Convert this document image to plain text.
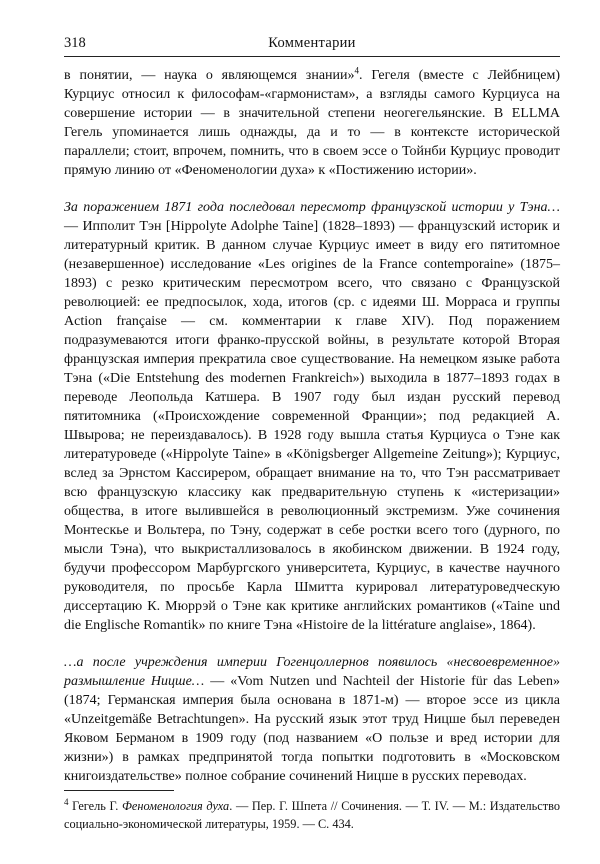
318	Комментарии

в понятии, — наука о являющемся знании»$^4$. Гегеля (вместе с Лейбницем) Курциус относил к философам-«гармонистам», а взгляды самого Курциуса на совершение истории — в значительной степени неогегельянские. В ELLMA Гегель упоминается лишь однажды, да и то — в контексте исторической параллели; стоит, впрочем, помнить, что в своем эссе о Тойнби Курциус проводит прямую линию от «Феноменологии духа» к «Постижению истории».

За поражением 1871 года последовал пересмотр французской истории у Тэна… — Ипполит Тэн [Hippolyte Adolphe Taine] (1828–1893) — французский историк и литературный критик. В данном случае Курциус имеет в виду его пятитомное (незавершенное) исследование «Les origines de la France contemporaine» (1875–1893) с резко критическим пересмотром всего, что связано с Французской революцией: ее предпосылок, хода, итогов (ср. с идеями Ш. Морраса и группы Action française — см. комментарии к главе XIV). Под поражением подразумеваются итоги франко-прусской войны, в результате которой Вторая французская империя прекратила свое существование. На немецком языке работа Тэна («Die Entstehung des modernen Frankreich») выходила в 1877–1893 годах в переводе Леопольда Катшера. В 1907 году был издан русский перевод пятитомника («Происхождение современной Франции»; под редакцией А. Швырова; не переиздавалось). В 1928 году вышла статья Курциуса о Тэне как литературоведе («Hippolyte Taine» в «Königsberger Allgemeine Zeitung»); Курциус, вслед за Эрнстом Кассирером, обращает внимание на то, что Тэн рассматривает всю французскую классику как предварительную ступень к «истеризации» общества, в итоге вылившейся в революционный экстремизм. Уже сочинения Монтескье и Вольтера, по Тэну, содержат в себе ростки всего того (дурного, по мысли Тэна), что выкристаллизовалось в якобинском движении. В 1924 году, будучи профессором Марбургского университета, Курциус, в качестве научного руководителя, по просьбе Карла Шмитта курировал литературоведческую диссертацию К. Мюррэй о Тэне как критике английских романтиков («Taine und die Englische Romantik» по книге Тэна «Histoire de la littérature anglaise», 1864).

…а после учреждения империи Гогенцоллернов появилось «несвоевременное» размышление Ницше… — «Vom Nutzen und Nachteil der Historie für das Leben» (1874; Германская империя была основана в 1871-м) — второе эссе из цикла «Unzeitgemäße Betrachtungen». На русский язык этот труд Ницше был переведен Яковом Берманом в 1909 году (под названием «О пользе и вред истории для жизни») в рамках предпринятой тогда попытки подготовить в «Московском книгоиздательстве» полное собрание сочинений Ницше в русских переводах.

$^4$ Гегель Г. Феноменология духа. — Пер. Г. Шпета // Сочинения. — Т. IV. — М.: Издательство социально-экономической литературы, 1959. — С. 434.
